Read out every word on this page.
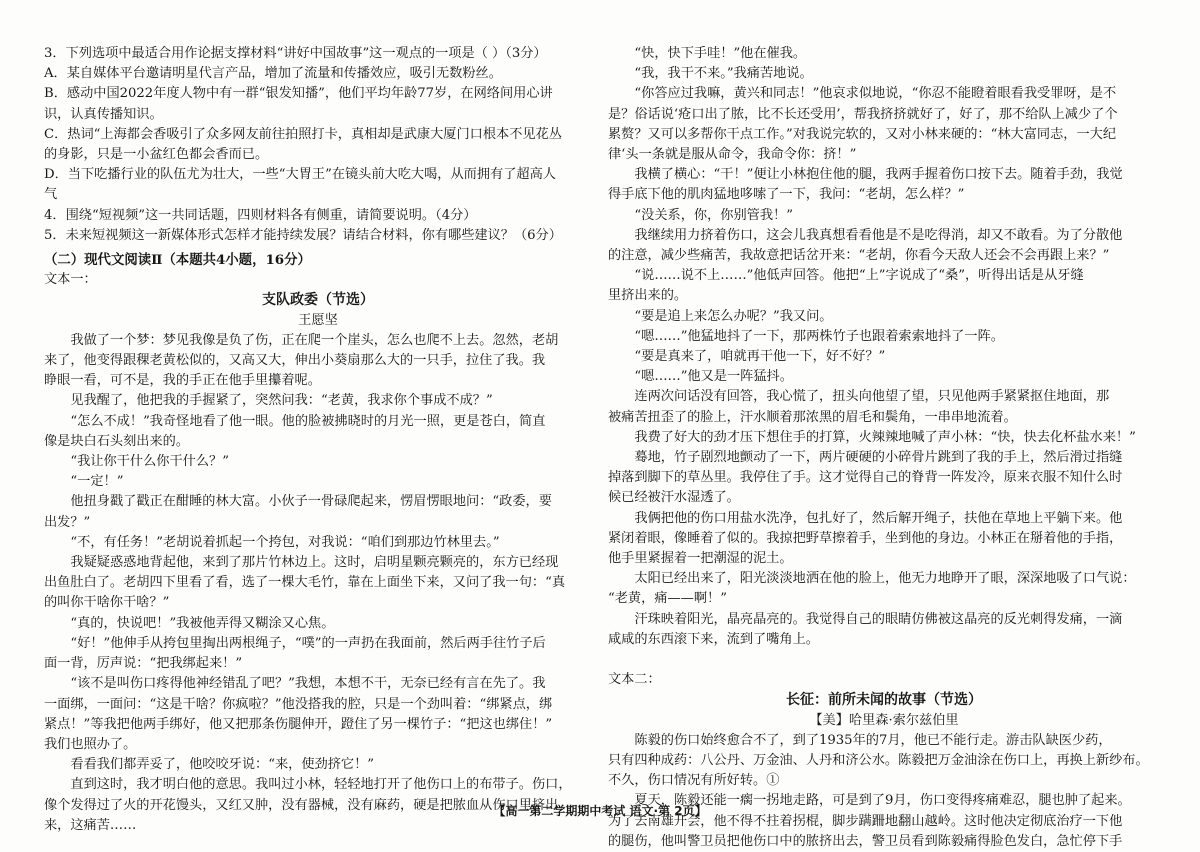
3．下列选项中最适合用作论据支撑材料“讲好中国故事”这一观点的一项是（ ）（3分）
A．某自媒体平台邀请明星代言产品，增加了流量和传播效应，吸引无数粉丝。
B．感动中国2022年度人物中有一群“银发知播”，他们平均年龄77岁，在网络间用心讲
识，认真传播知识。
C．热词“上海都会香吸引了众多网友前往拍照打卡，真相却是武康大厦门口根本不见花丛
的身影，只是一小盆红色都会香而已。
D．当下吃播行业的队伍尤为壮大，一些“大胃王”在镜头前大吃大喝，从而拥有了超高人
气
4．围绕“短视频”这一共同话题，四则材料各有侧重，请简要说明。（4分）
5．未来短视频这一新媒体形式怎样才能持续发展？请结合材料，你有哪些建议？（6分）
（二）现代文阅读Ⅱ（本题共4小题，16分）
文本一：
支队政委（节选）
王愿坚
我做了一个梦：梦见我像是负了伤，正在爬一个崖头，怎么也爬不上去。忽然，老胡
来了，他变得跟稞老黄松似的，又高又大，伸出小葵扇那么大的一只手，拉住了我。我
睁眼一看，可不是，我的手正在他手里攥着呢。
见我醒了，他把我的手握紧了，突然问我：“老黄，我求你个事成不成？”
“怎么不成！”我奇怪地看了他一眼。他的脸被拂晓时的月光一照，更是苍白，简直
像是块白石头刻出来的。
“我让你干什么你干什么？”
“一定！”
他扭身戳了戳正在酣睡的林大富。小伙子一骨碌爬起来，愣眉愣眼地问：“政委，要
出发？”
“不，有任务！”老胡说着抓起一个挎包，对我说：“咱们到那边竹林里去。”
我疑疑惑惑地背起他，来到了那片竹林边上。这时，启明星颗亮颗亮的，东方已经现
出鱼肚白了。老胡四下里看了看，选了一棵大毛竹，靠在上面坐下来，又问了我一句：“真
的叫你干啥你干啥？”
“真的，快说吧！”我被他弄得又糊涂又心焦。
“好！”他伸手从挎包里掏出两根绳子，“噗”的一声扔在我面前，然后两手往竹子后
面一背，厉声说：“把我绑起来！”
“该不是叫伤口疼得他神经错乱了吧？”我想，本想不干，无奈已经有言在先了。我
一面绑，一面问：“这是干啥？你疯啦？”他没搭我的腔，只是一个劲叫着：“绑紧点，绑
紧点！”等我把他两手绑好，他又把那条伤腿伸开，蹬住了另一棵竹子：“把这也绑住！”
我们也照办了。
看看我们都弄妥了，他咬咬牙说：“来，使劲挤它！”
直到这时，我才明白他的意思。我叫过小林，轻轻地打开了他伤口上的布带子。伤口，
像个发得过了火的开花馒头，又红又肿，没有器械，没有麻药，硬是把脓血从伤口里挤出
来，这痛苦……
“快，快下手哇！”他在催我。
“我，我干不来。”我痛苦地说。
“你答应过我嘛，黄兴和同志！”他哀求似地说，“你忍不能瞪着眼看我受罪呀，是不
是？俗话说‘疮口出了脓，比不长还受用’，帮我挤挤就好了，好了，那不给队上减少了个
累赘？又可以多帮你干点工作。”对我说完软的，又对小林来硬的：“林大富同志，一大纪
律‘头一条就是服从命令，我命令你：挤！”
我横了横心：“干！”便让小林抱住他的腿，我两手握着伤口按下去。随着手劲，我觉
得手底下他的肌肉猛地哆嗦了一下，我问：“老胡，怎么样？”
“没关系，你，你别管我！”
我继续用力挤着伤口，这会儿我真想看看他是不是吃得消，却又不敢看。为了分散他
的注意，减少些痛苦，我故意把话岔开来：“老胡，你看今天敌人还会不会再跟上来？”
“说……说不上……”他低声回答。他把“上”字说成了“桑”，听得出话是从牙缝
里挤出来的。
“要是追上来怎么办呢？”我又问。
“嗯……”他猛地抖了一下，那两株竹子也跟着索索地抖了一阵。
“要是真来了，咱就再干他一下，好不好？”
“嗯……”他又是一阵猛抖。
连两次问话没有回答，我心慌了，扭头向他望了望，只见他两手紧紧抠住地面，那
被痛苦扭歪了的脸上，汗水顺着那浓黑的眉毛和鬓角，一串串地流着。
我费了好大的劲才压下想住手的打算，火辣辣地喊了声小林：“快，快去化杯盐水来！”
蓦地，竹子剧烈地颤动了一下，两片硬硬的小碎骨片跳到了我的手上，然后滑过指缝
掉落到脚下的草丛里。我停住了手。这才觉得自己的脊背一阵发冷，原来衣服不知什么时
候已经被汗水湿透了。
我俩把他的伤口用盐水洗净，包扎好了，然后解开绳子，扶他在草地上平躺下来。他
紧闭着眼，像睡着了似的。我掠把野草擦着手，坐到他的身边。小林正在掰着他的手指，
他手里紧握着一把潮湿的泥土。
太阳已经出来了，阳光淡淡地洒在他的脸上，他无力地睁开了眼，深深地吸了口气说：
“老黄，痛——啊！”
汗珠映着阳光，晶亮晶亮的。我觉得自己的眼睛仿佛被这晶亮的反光刺得发痛，一滴
咸咸的东西滚下来，流到了嘴角上。
文本二：
长征：前所未闻的故事（节选）
【美】哈里森·索尔兹伯里
陈毅的伤口始终愈合不了，到了1935年的7月，他已不能行走。游击队缺医少药，
只有四种成药：八公丹、万金油、人丹和济公水。陈毅把万金油涂在伤口上，再换上新纱布。
不久，伤口情况有所好转。①
夏天，陈毅还能一瘸一拐地走路，可是到了9月，伤口变得疼痛难忍，腿也肿了起来。
为了去南雄开会，他不得不拄着拐棍，脚步蹒跚地翻山越岭。这时他决定彻底治疗一下他
的腿伤，他叫警卫员把他伤口中的脓挤出去，警卫员看到陈毅痛得脸色发白，急忙停下手
【高一第二学期期中考试 语文·第 2页】
